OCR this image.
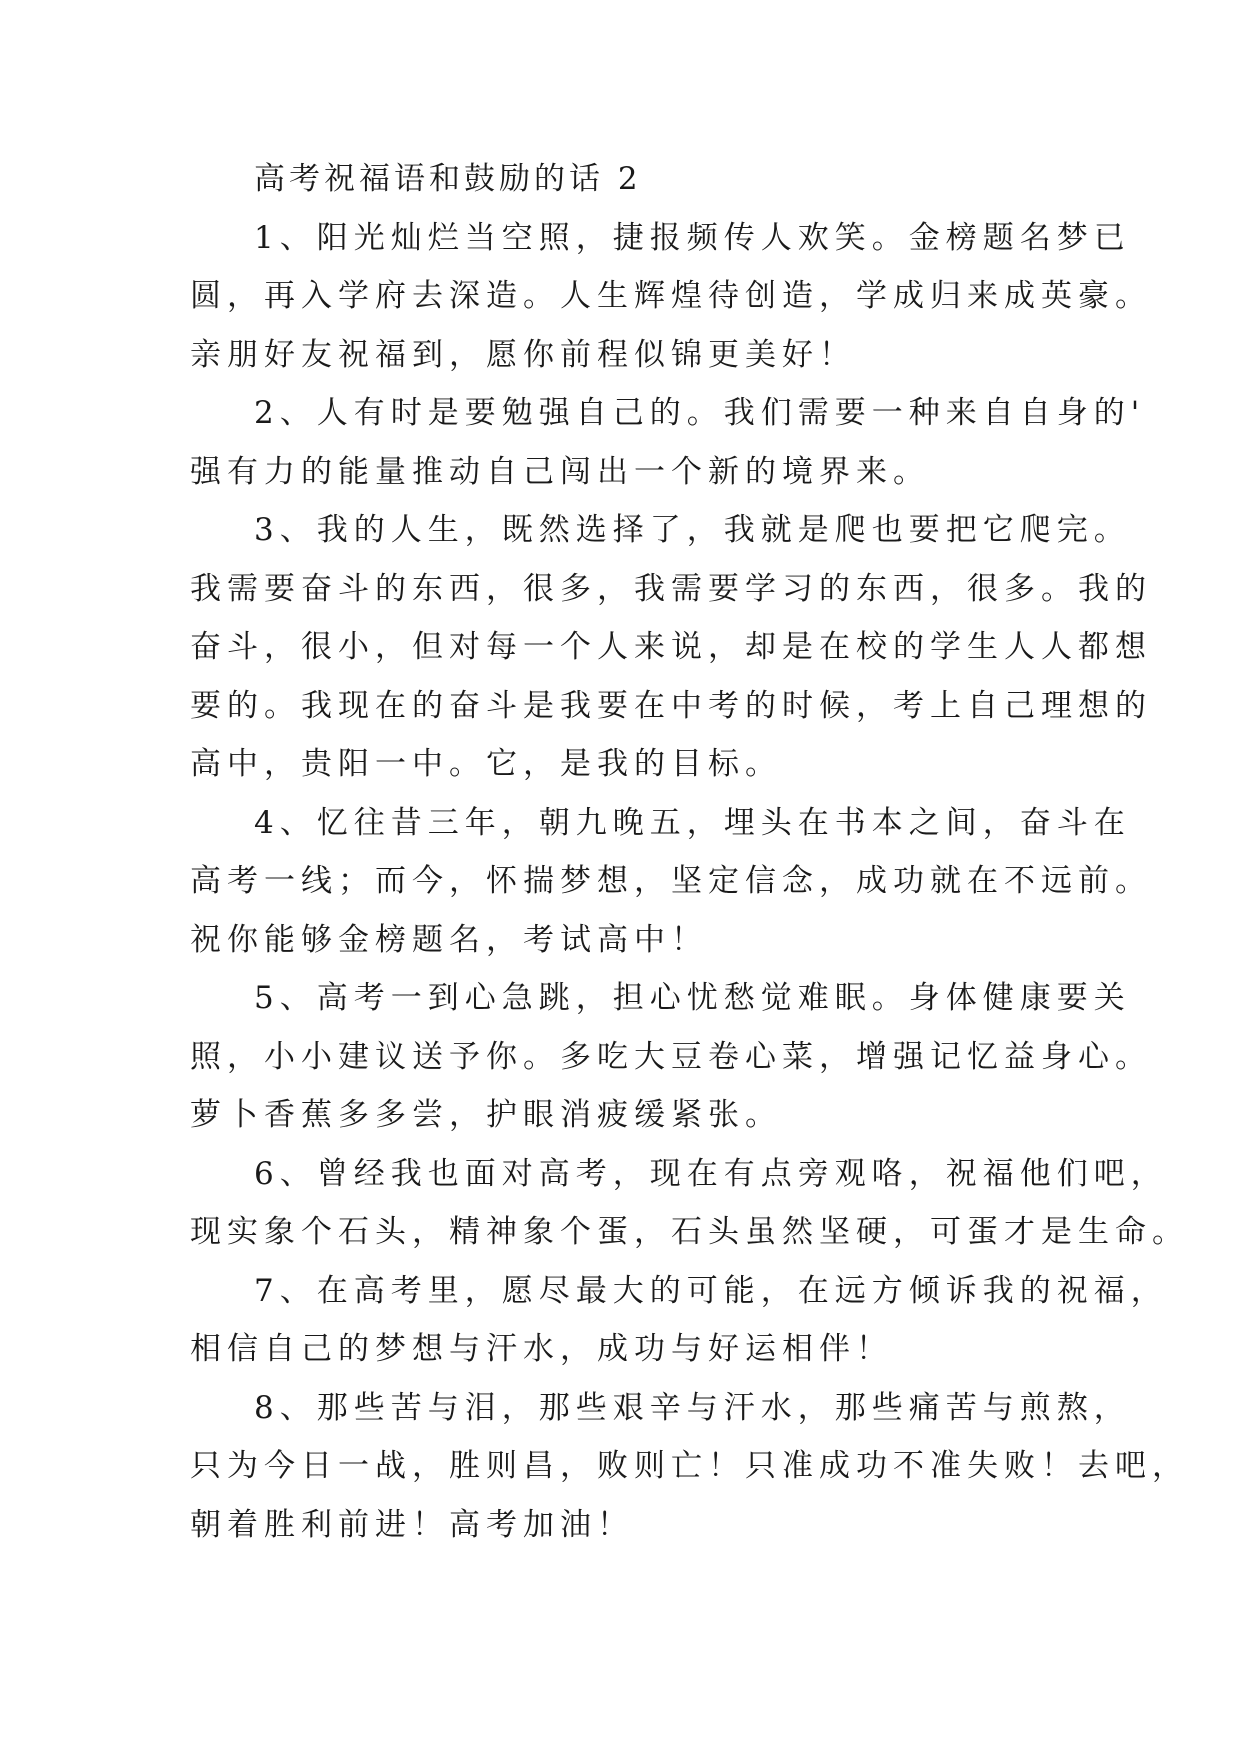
高考祝福语和鼓励的话 2
1、阳光灿烂当空照，捷报频传人欢笑。金榜题名梦已
圆，再入学府去深造。人生辉煌待创造，学成归来成英豪。
亲朋好友祝福到，愿你前程似锦更美好！
2、人有时是要勉强自己的。我们需要一种来自自身的'
强有力的能量推动自己闯出一个新的境界来。
3、我的人生，既然选择了，我就是爬也要把它爬完。
我需要奋斗的东西，很多，我需要学习的东西，很多。我的
奋斗，很小，但对每一个人来说，却是在校的学生人人都想
要的。我现在的奋斗是我要在中考的时候，考上自己理想的
高中，贵阳一中。它，是我的目标。
4、忆往昔三年，朝九晚五，埋头在书本之间，奋斗在
高考一线；而今，怀揣梦想，坚定信念，成功就在不远前。
祝你能够金榜题名，考试高中！
5、高考一到心急跳，担心忧愁觉难眠。身体健康要关
照，小小建议送予你。多吃大豆卷心菜，增强记忆益身心。
萝卜香蕉多多尝，护眼消疲缓紧张。
6、曾经我也面对高考，现在有点旁观咯，祝福他们吧，
现实象个石头，精神象个蛋，石头虽然坚硬，可蛋才是生命。
7、在高考里，愿尽最大的可能，在远方倾诉我的祝福，
相信自己的梦想与汗水，成功与好运相伴！
8、那些苦与泪，那些艰辛与汗水，那些痛苦与煎熬，
只为今日一战，胜则昌，败则亡！只准成功不准失败！去吧，
朝着胜利前进！高考加油！
